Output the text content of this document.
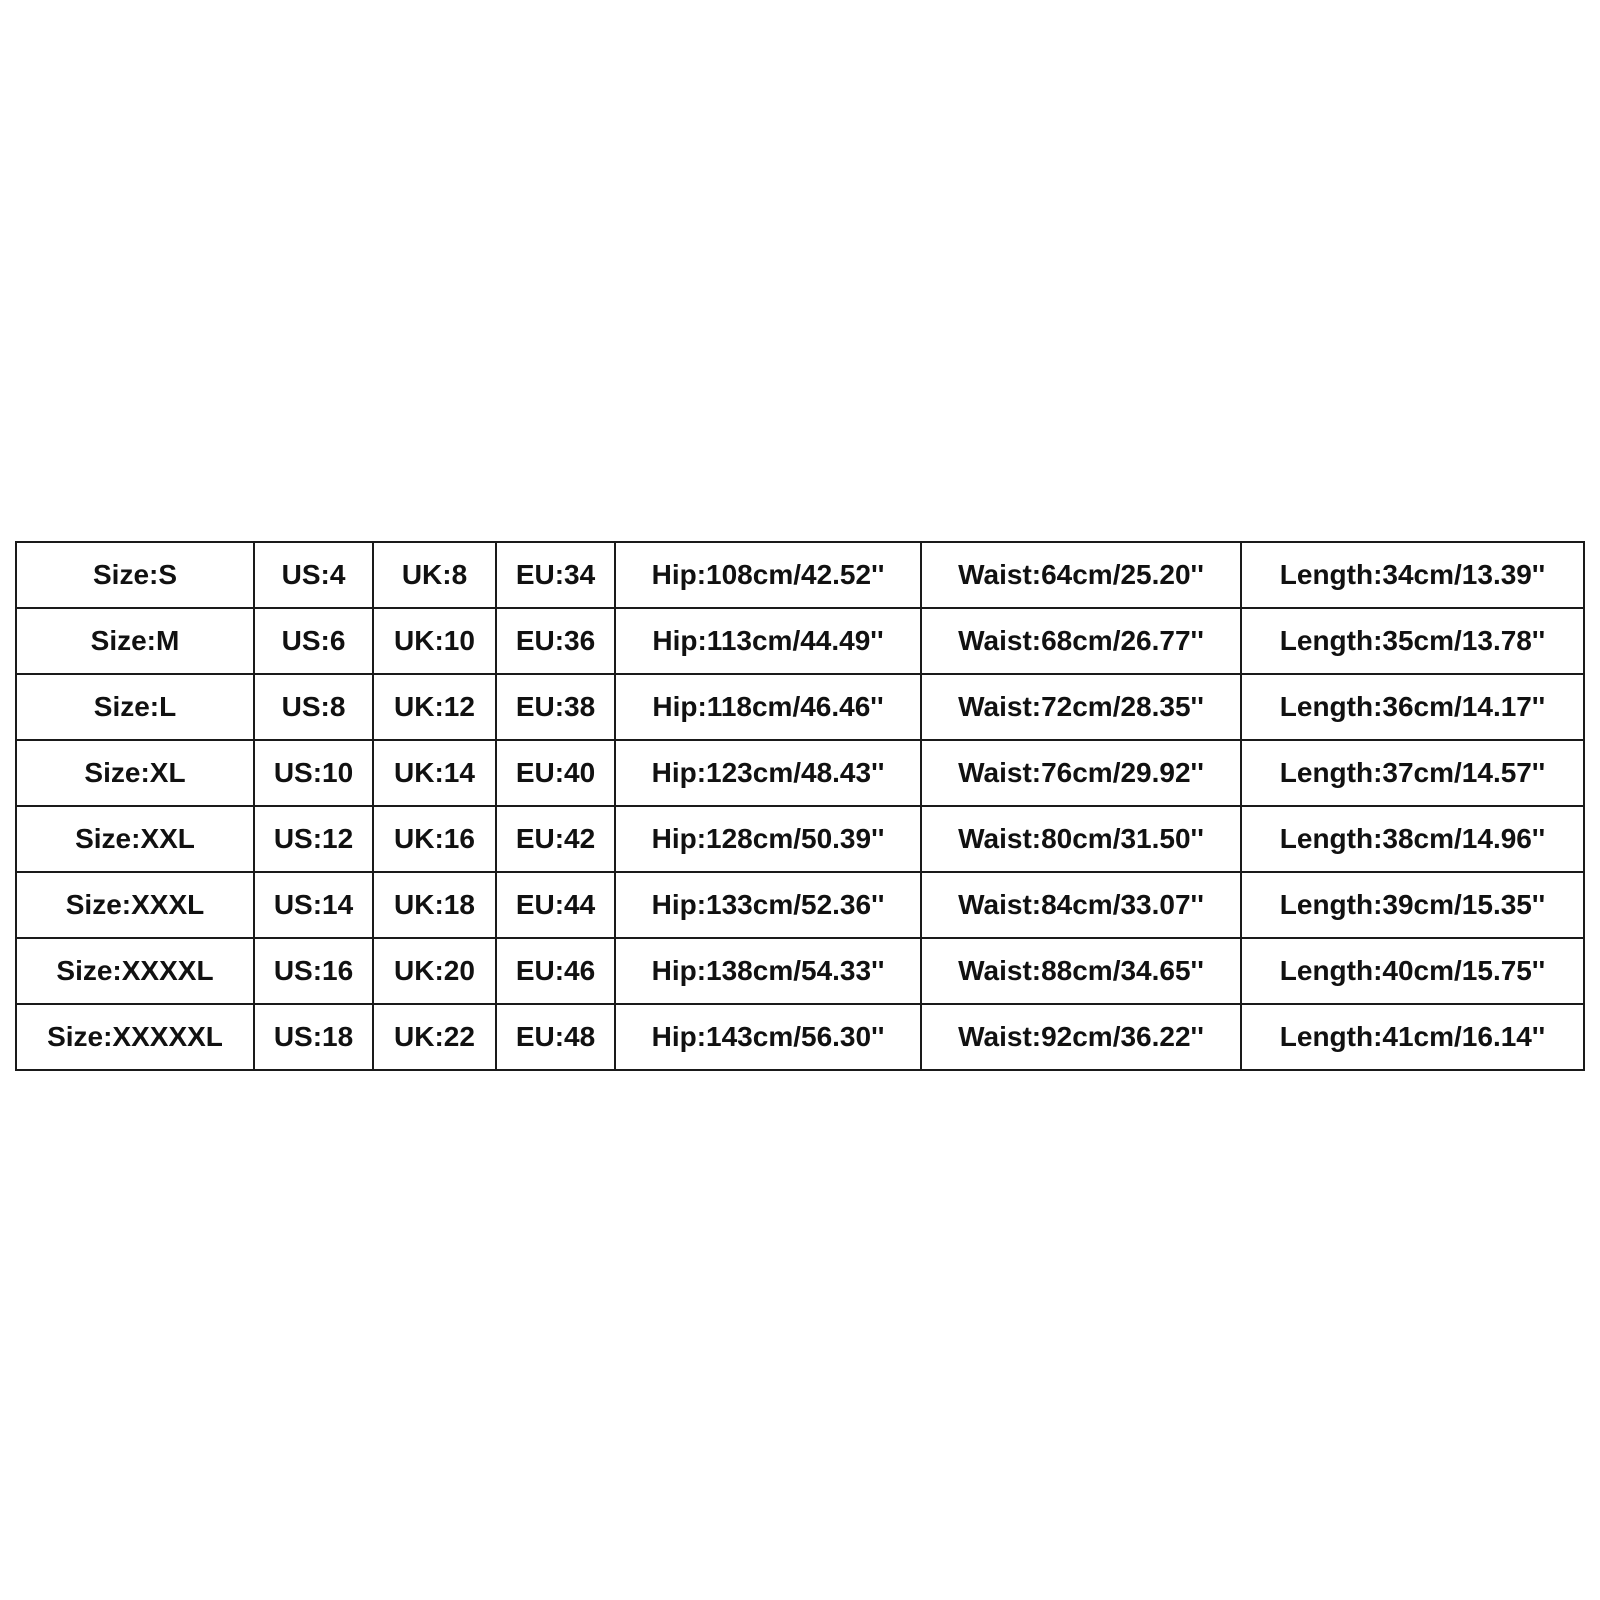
Size:S	US:4	UK:8	EU:34	Hip:108cm/42.52''	Waist:64cm/25.20''	Length:34cm/13.39''
Size:M	US:6	UK:10	EU:36	Hip:113cm/44.49''	Waist:68cm/26.77''	Length:35cm/13.78''
Size:L	US:8	UK:12	EU:38	Hip:118cm/46.46''	Waist:72cm/28.35''	Length:36cm/14.17''
Size:XL	US:10	UK:14	EU:40	Hip:123cm/48.43''	Waist:76cm/29.92''	Length:37cm/14.57''
Size:XXL	US:12	UK:16	EU:42	Hip:128cm/50.39''	Waist:80cm/31.50''	Length:38cm/14.96''
Size:XXXL	US:14	UK:18	EU:44	Hip:133cm/52.36''	Waist:84cm/33.07''	Length:39cm/15.35''
Size:XXXXL	US:16	UK:20	EU:46	Hip:138cm/54.33''	Waist:88cm/34.65''	Length:40cm/15.75''
Size:XXXXXL	US:18	UK:22	EU:48	Hip:143cm/56.30''	Waist:92cm/36.22''	Length:41cm/16.14''
